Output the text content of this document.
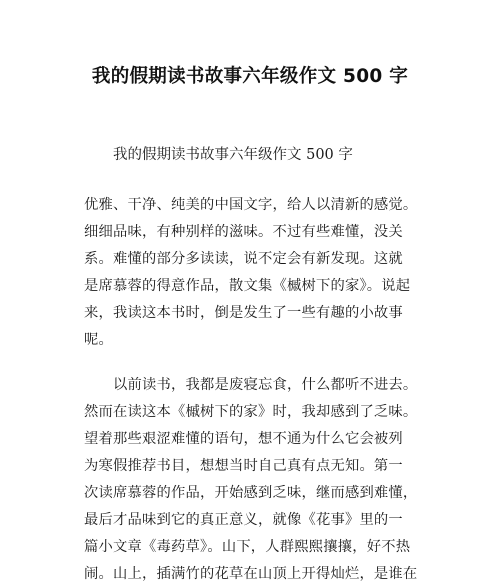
我的假期读书故事六年级作文 500 字
我的假期读书故事六年级作文 500 字
优雅、干净、纯美的中国文字，给人以清新的感觉。
细细品味，有种别样的滋味。不过有些难懂，没关
系。难懂的部分多读读，说不定会有新发现。这就
是席慕蓉的得意作品，散文集《槭树下的家》。说起
来，我读这本书时，倒是发生了一些有趣的小故事
呢。
　　以前读书，我都是废寝忘食，什么都听不进去。
然而在读这本《槭树下的家》时，我却感到了乏味。
望着那些艰涩难懂的语句，想不通为什么它会被列
为寒假推荐书目，想想当时自己真有点无知。第一
次读席慕蓉的作品，开始感到乏味，继而感到难懂，
最后才品味到它的真正意义，就像《花事》里的一
篇小文章《毒药草》。山下，人群熙熙攘攘，好不热
闹。山上，插满竹的花草在山顶上开得灿烂，是谁在
